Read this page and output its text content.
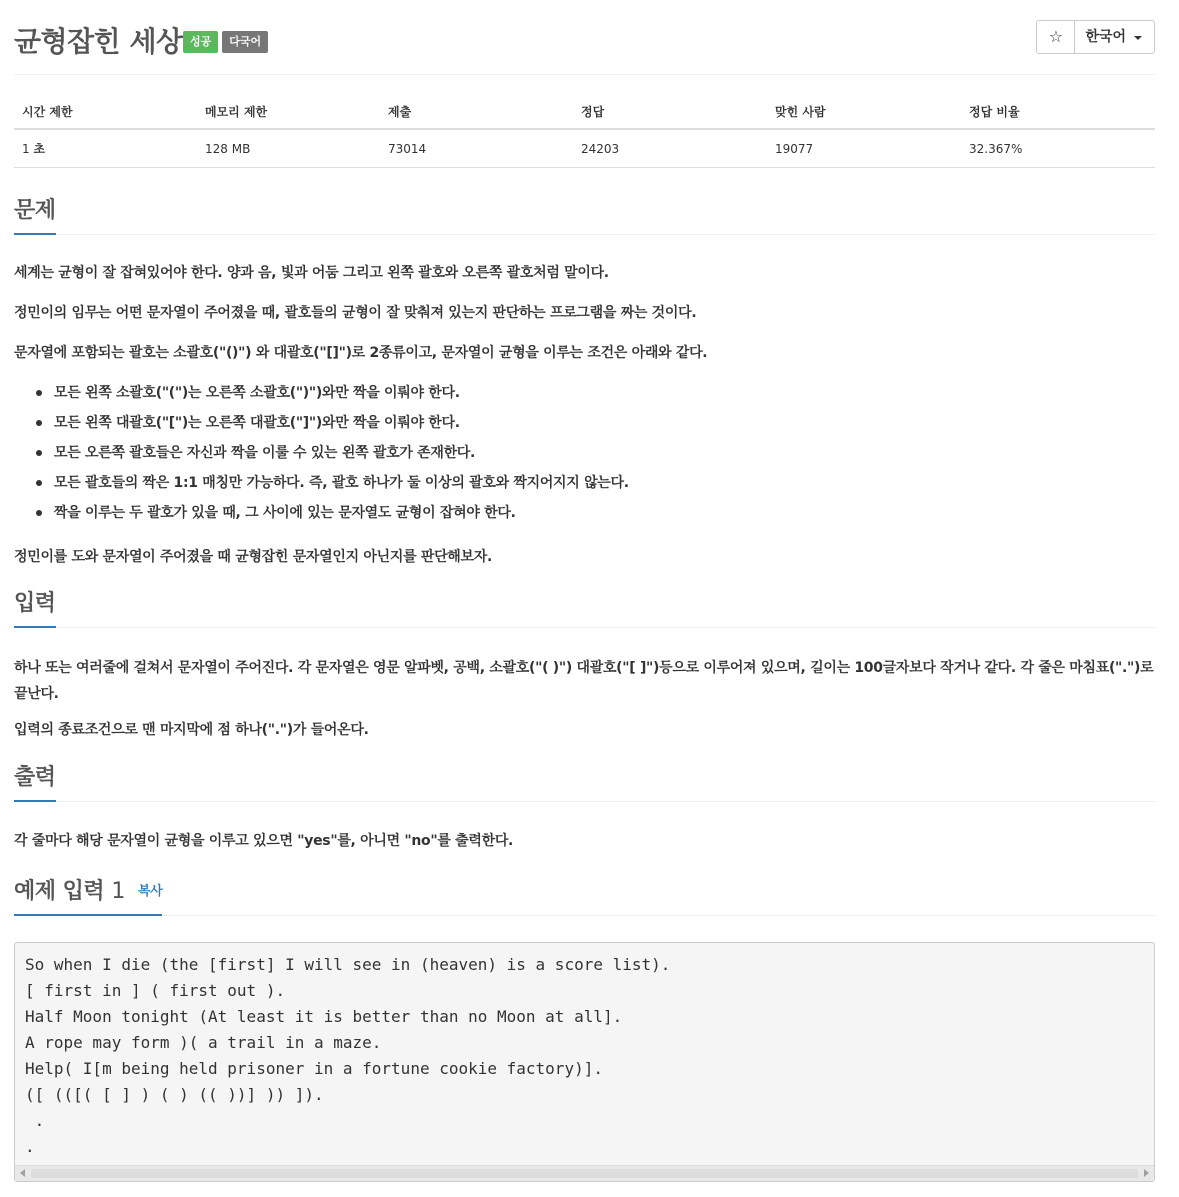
균형잡힌 세상 성공	다국어	☆	한국어
시간 제한	메모리 제한	제출	정답	맞힌 사람	정답 비율
1 초	128 MB	73014	24203	19077	32.367%
문제

세계는 균형이 잘 잡혀있어야 한다. 양과 음, 빛과 어둠 그리고 왼쪽 괄호와 오른쪽 괄호처럼 말이다.

정민이의 임무는 어떤 문자열이 주어졌을 때, 괄호들의 균형이 잘 맞춰져 있는지 판단하는 프로그램을 짜는 것이다.

문자열에 포함되는 괄호는 소괄호("()") 와 대괄호("[]")로 2종류이고, 문자열이 균형을 이루는 조건은 아래와 같다.

모든 왼쪽 소괄호("(")는 오른쪽 소괄호(")")와만 짝을 이뤄야 한다.
모든 왼쪽 대괄호("[")는 오른쪽 대괄호("]")와만 짝을 이뤄야 한다.
모든 오른쪽 괄호들은 자신과 짝을 이룰 수 있는 왼쪽 괄호가 존재한다.
모든 괄호들의 짝은 1:1 매칭만 가능하다. 즉, 괄호 하나가 둘 이상의 괄호와 짝지어지지 않는다.
짝을 이루는 두 괄호가 있을 때, 그 사이에 있는 문자열도 균형이 잡혀야 한다.

정민이를 도와 문자열이 주어졌을 때 균형잡힌 문자열인지 아닌지를 판단해보자.

입력

하나 또는 여러줄에 걸쳐서 문자열이 주어진다. 각 문자열은 영문 알파벳, 공백, 소괄호("( )") 대괄호("[ ]")등으로 이루어져 있으며, 길이는 100글자보다 작거나 같다. 각 줄은 마침표(".")로 끝난다.

입력의 종료조건으로 맨 마지막에 점 하나(".")가 들어온다.

출력

각 줄마다 해당 문자열이 균형을 이루고 있으면 "yes"를, 아니면 "no"를 출력한다.

예제 입력 1 복사
So when I die (the [first] I will see in (heaven) is a score list).
[ first in ] ( first out ).
Half Moon tonight (At least it is better than no Moon at all].
A rope may form )( a trail in a maze.
Help( I[m being held prisoner in a fortune cookie factory)].
([ (([( [ ] ) ( ) (( ))] )) ]).
.
.
